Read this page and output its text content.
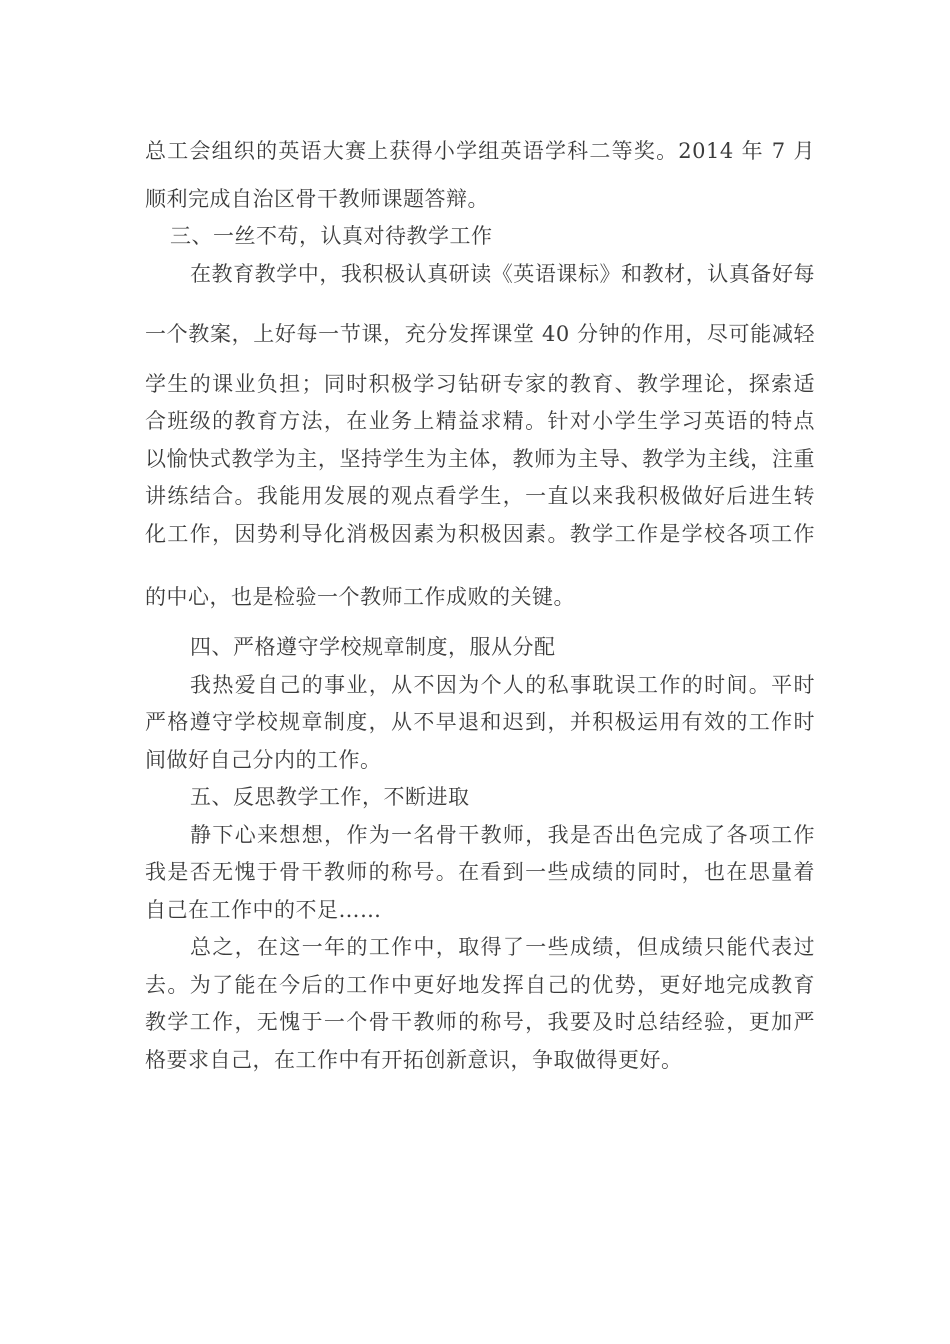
总工会组织的英语大赛上获得小学组英语学科二等奖。2014 年 7 月
顺利完成自治区骨干教师课题答辩。
三、一丝不苟，认真对待教学工作
在教育教学中，我积极认真研读《英语课标》和教材，认真备好每
一个教案，上好每一节课，充分发挥课堂 40 分钟的作用，尽可能减轻
学生的课业负担；同时积极学习钻研专家的教育、教学理论，探索适
合班级的教育方法，在业务上精益求精。针对小学生学习英语的特点
以愉快式教学为主，坚持学生为主体，教师为主导、教学为主线，注重
讲练结合。我能用发展的观点看学生，一直以来我积极做好后进生转
化工作，因势利导化消极因素为积极因素。教学工作是学校各项工作
的中心，也是检验一个教师工作成败的关键。
四、严格遵守学校规章制度，服从分配
我热爱自己的事业，从不因为个人的私事耽误工作的时间。平时
严格遵守学校规章制度，从不早退和迟到，并积极运用有效的工作时
间做好自己分内的工作。
五、反思教学工作，不断进取
静下心来想想，作为一名骨干教师，我是否出色完成了各项工作
我是否无愧于骨干教师的称号。在看到一些成绩的同时，也在思量着
自己在工作中的不足……
总之，在这一年的工作中，取得了一些成绩，但成绩只能代表过
去。为了能在今后的工作中更好地发挥自己的优势，更好地完成教育
教学工作，无愧于一个骨干教师的称号，我要及时总结经验，更加严
格要求自己，在工作中有开拓创新意识，争取做得更好。
